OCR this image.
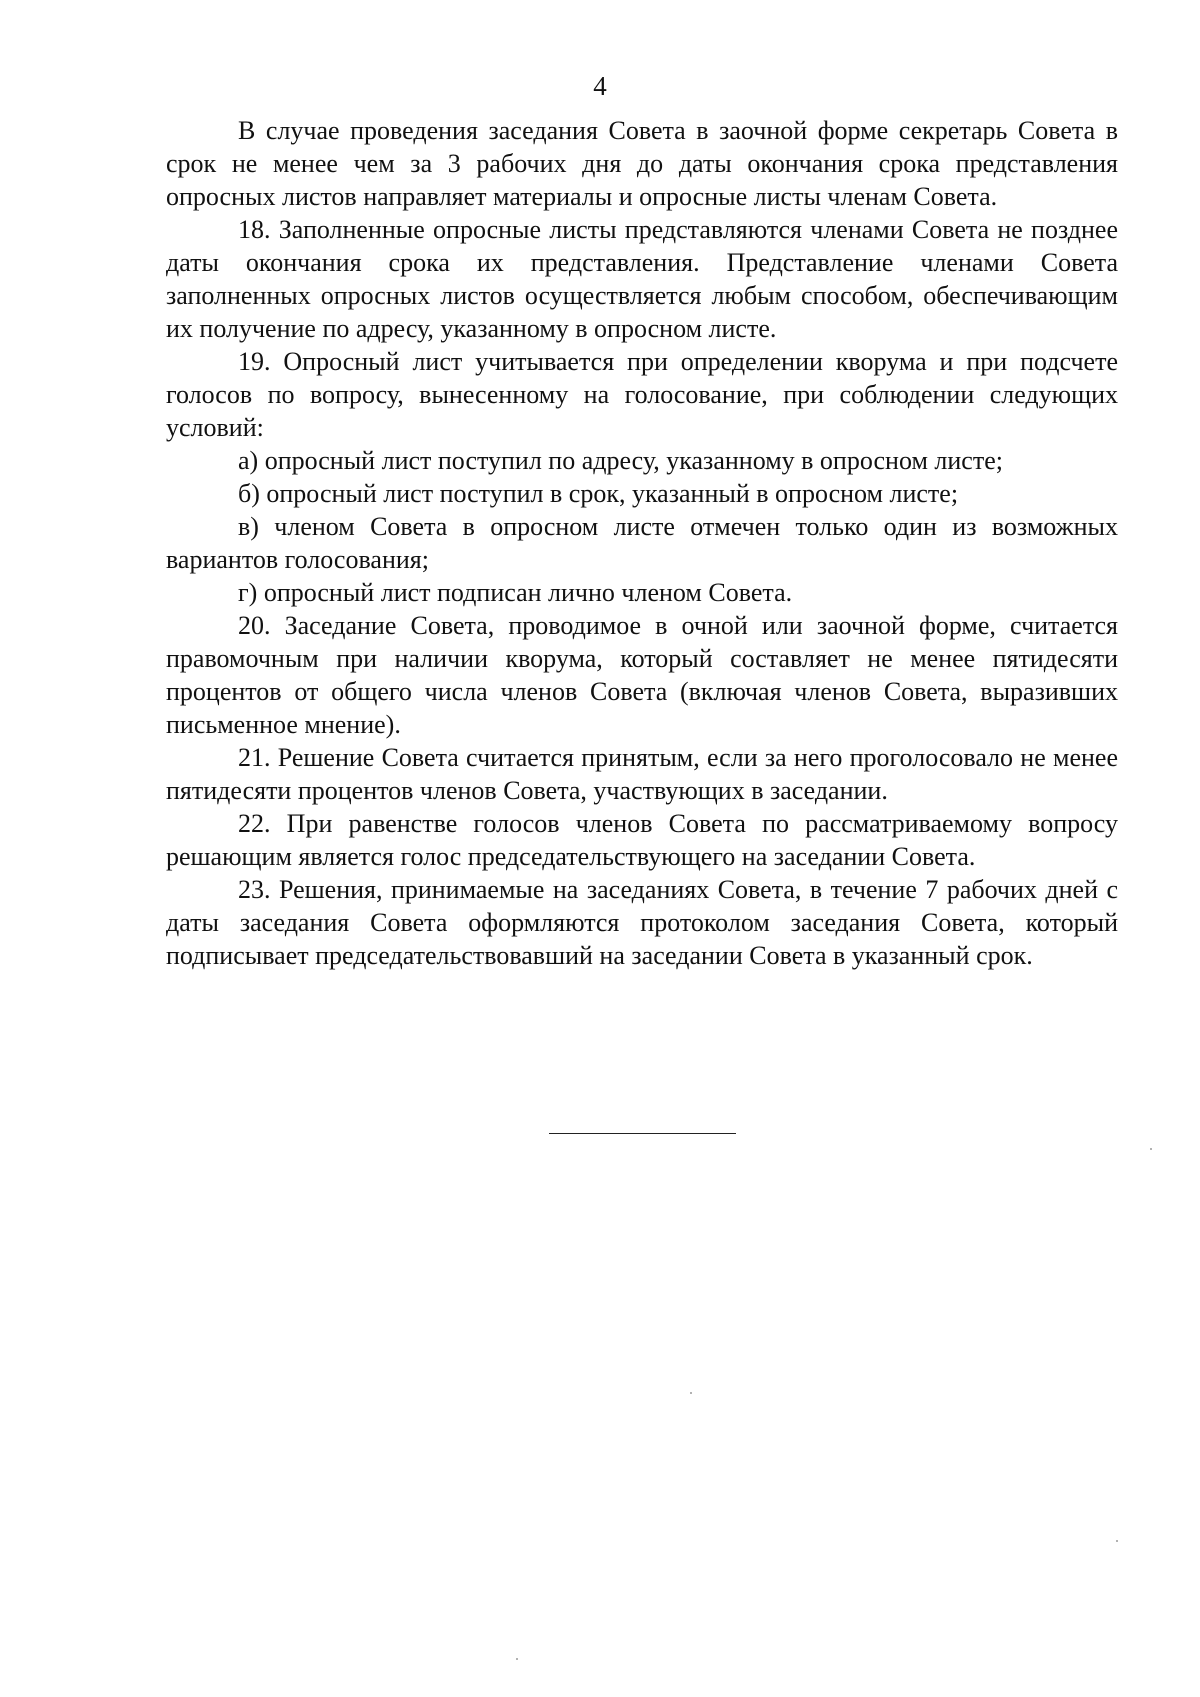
4

В случае проведения заседания Совета в заочной форме секретарь Совета в срок не менее чем за 3 рабочих дня до даты окончания срока представления опросных листов направляет материалы и опросные листы членам Совета.

18. Заполненные опросные листы представляются членами Совета не позднее даты окончания срока их представления. Представление членами Совета заполненных опросных листов осуществляется любым способом, обеспечивающим их получение по адресу, указанному в опросном листе.

19. Опросный лист учитывается при определении кворума и при подсчете голосов по вопросу, вынесенному на голосование, при соблюдении следующих условий:

а) опросный лист поступил по адресу, указанному в опросном листе;

б) опросный лист поступил в срок, указанный в опросном листе;

в) членом Совета в опросном листе отмечен только один из возможных вариантов голосования;

г) опросный лист подписан лично членом Совета.

20. Заседание Совета, проводимое в очной или заочной форме, считается правомочным при наличии кворума, который составляет не менее пятидесяти процентов от общего числа членов Совета (включая членов Совета, выразивших письменное мнение).

21. Решение Совета считается принятым, если за него проголосовало не менее пятидесяти процентов членов Совета, участвующих в заседании.

22. При равенстве голосов членов Совета по рассматриваемому вопросу решающим является голос председательствующего на заседании Совета.

23. Решения, принимаемые на заседаниях Совета, в течение 7 рабочих дней с даты заседания Совета оформляются протоколом заседания Совета, который подписывает председательствовавший на заседании Совета в указанный срок.
